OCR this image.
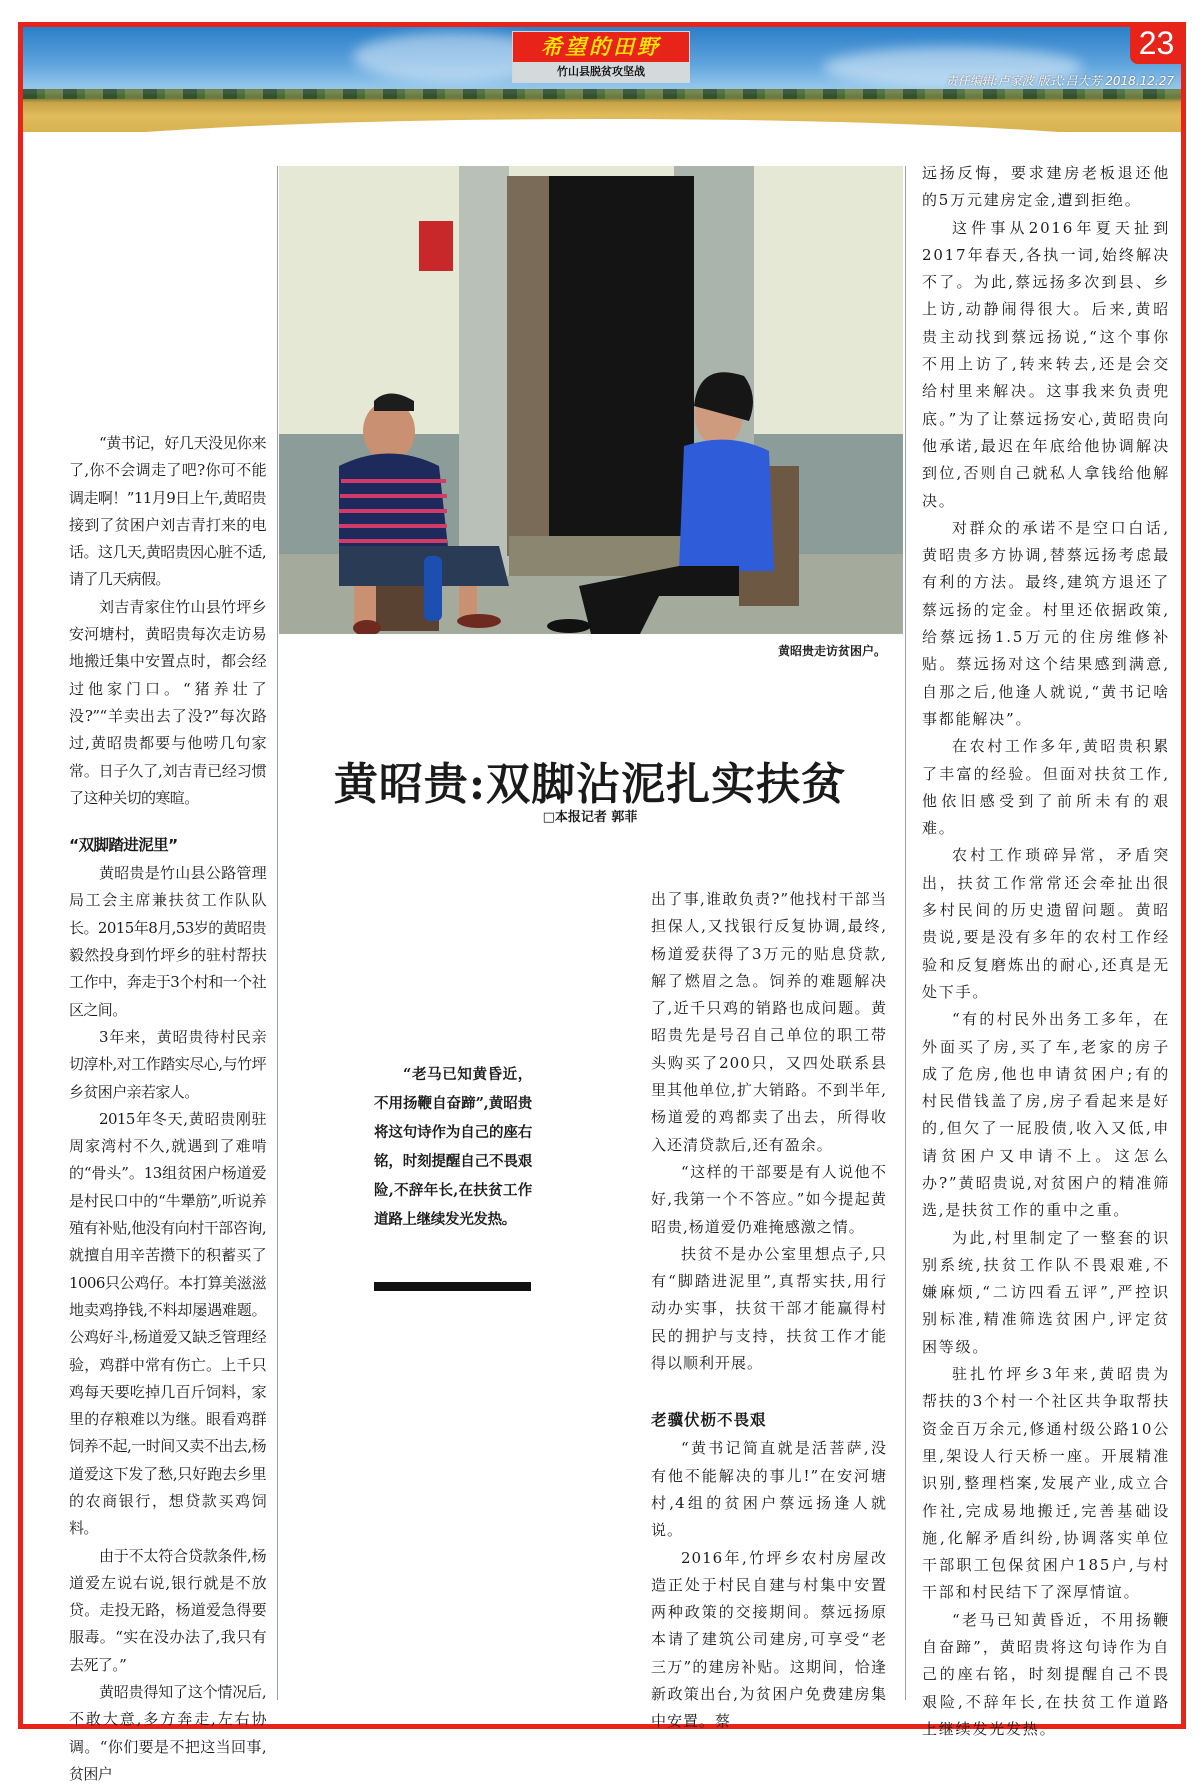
希望的田野
竹山县脱贫攻坚战
23
责任编辑:卢家波 版式:吕大芳 2018.12.27
黄昭贵走访贫困户。
黄昭贵:双脚沾泥扎实扶贫
□本报记者 郭菲

“黄书记，好几天没见你来了,你不会调走了吧?你可不能调走啊！”11月9日上午,黄昭贵接到了贫困户刘吉青打来的电话。这几天,黄昭贵因心脏不适,请了几天病假。

刘吉青家住竹山县竹坪乡安河塘村，黄昭贵每次走访易地搬迁集中安置点时，都会经过他家门口。“猪养壮了没?”“羊卖出去了没?”每次路过,黄昭贵都要与他唠几句家常。日子久了,刘吉青已经习惯了这种关切的寒暄。

“双脚踏进泥里”

黄昭贵是竹山县公路管理局工会主席兼扶贫工作队队长。2015年8月,53岁的黄昭贵毅然投身到竹坪乡的驻村帮扶工作中，奔走于3个村和一个社区之间。

3年来，黄昭贵待村民亲切淳朴,对工作踏实尽心,与竹坪乡贫困户亲若家人。

2015年冬天,黄昭贵刚驻周家湾村不久,就遇到了难啃的“骨头”。13组贫困户杨道爱是村民口中的“牛犟筋”,听说养殖有补贴,他没有向村干部咨询,就擅自用辛苦攒下的积蓄买了1006只公鸡仔。本打算美滋滋地卖鸡挣钱,不料却屡遇难题。公鸡好斗,杨道爱又缺乏管理经验，鸡群中常有伤亡。上千只鸡每天要吃掉几百斤饲料，家里的存粮难以为继。眼看鸡群饲养不起,一时间又卖不出去,杨道爱这下发了愁,只好跑去乡里的农商银行，想贷款买鸡饲料。

由于不太符合贷款条件,杨道爱左说右说,银行就是不放贷。走投无路，杨道爱急得要服毒。“实在没办法了,我只有去死了。”

黄昭贵得知了这个情况后,不敢大意,多方奔走,左右协调。“你们要是不把这当回事,贫困户

“老马已知黄昏近，不用扬鞭自奋蹄”,黄昭贵将这句诗作为自己的座右铭，时刻提醒自己不畏艰险,不辞年长,在扶贫工作道路上继续发光发热。

出了事,谁敢负责?”他找村干部当担保人,又找银行反复协调,最终,杨道爱获得了3万元的贴息贷款,解了燃眉之急。饲养的难题解决了,近千只鸡的销路也成问题。黄昭贵先是号召自己单位的职工带头购买了200只，又四处联系县里其他单位,扩大销路。不到半年,杨道爱的鸡都卖了出去，所得收入还清贷款后,还有盈余。

“这样的干部要是有人说他不好,我第一个不答应。”如今提起黄昭贵,杨道爱仍难掩感激之情。

扶贫不是办公室里想点子,只有“脚踏进泥里”,真帮实扶,用行动办实事，扶贫干部才能赢得村民的拥护与支持，扶贫工作才能得以顺利开展。

老骥伏枥不畏艰

“黄书记简直就是活菩萨,没有他不能解决的事儿!”在安河塘村,4组的贫困户蔡远扬逢人就说。

2016年,竹坪乡农村房屋改造正处于村民自建与村集中安置两种政策的交接期间。蔡远扬原本请了建筑公司建房,可享受“老三万”的建房补贴。这期间，恰逢新政策出台,为贫困户免费建房集中安置。蔡

远扬反悔，要求建房老板退还他的5万元建房定金,遭到拒绝。

这件事从2016年夏天扯到2017年春天,各执一词,始终解决不了。为此,蔡远扬多次到县、乡上访,动静闹得很大。后来,黄昭贵主动找到蔡远扬说,“这个事你不用上访了,转来转去,还是会交给村里来解决。这事我来负责兜底。”为了让蔡远扬安心,黄昭贵向他承诺,最迟在年底给他协调解决到位,否则自己就私人拿钱给他解决。

对群众的承诺不是空口白话,黄昭贵多方协调,替蔡远扬考虑最有利的方法。最终,建筑方退还了蔡远扬的定金。村里还依据政策,给蔡远扬1.5万元的住房维修补贴。蔡远扬对这个结果感到满意,自那之后,他逢人就说,“黄书记啥事都能解决”。

在农村工作多年,黄昭贵积累了丰富的经验。但面对扶贫工作,他依旧感受到了前所未有的艰难。

农村工作琐碎异常，矛盾突出，扶贫工作常常还会牵扯出很多村民间的历史遗留问题。黄昭贵说,要是没有多年的农村工作经验和反复磨炼出的耐心,还真是无处下手。

“有的村民外出务工多年，在外面买了房,买了车,老家的房子成了危房,他也申请贫困户;有的村民借钱盖了房,房子看起来是好的,但欠了一屁股债,收入又低,申请贫困户又申请不上。这怎么办?”黄昭贵说,对贫困户的精准筛选,是扶贫工作的重中之重。

为此,村里制定了一整套的识别系统,扶贫工作队不畏艰难,不嫌麻烦,“二访四看五评”,严控识别标准,精准筛选贫困户,评定贫困等级。

驻扎竹坪乡3年来,黄昭贵为帮扶的3个村一个社区共争取帮扶资金百万余元,修通村级公路10公里,架设人行天桥一座。开展精准识别,整理档案,发展产业,成立合作社,完成易地搬迁,完善基础设施,化解矛盾纠纷,协调落实单位干部职工包保贫困户185户,与村干部和村民结下了深厚情谊。

“老马已知黄昏近，不用扬鞭自奋蹄”，黄昭贵将这句诗作为自己的座右铭，时刻提醒自己不畏艰险,不辞年长,在扶贫工作道路上继续发光发热。
